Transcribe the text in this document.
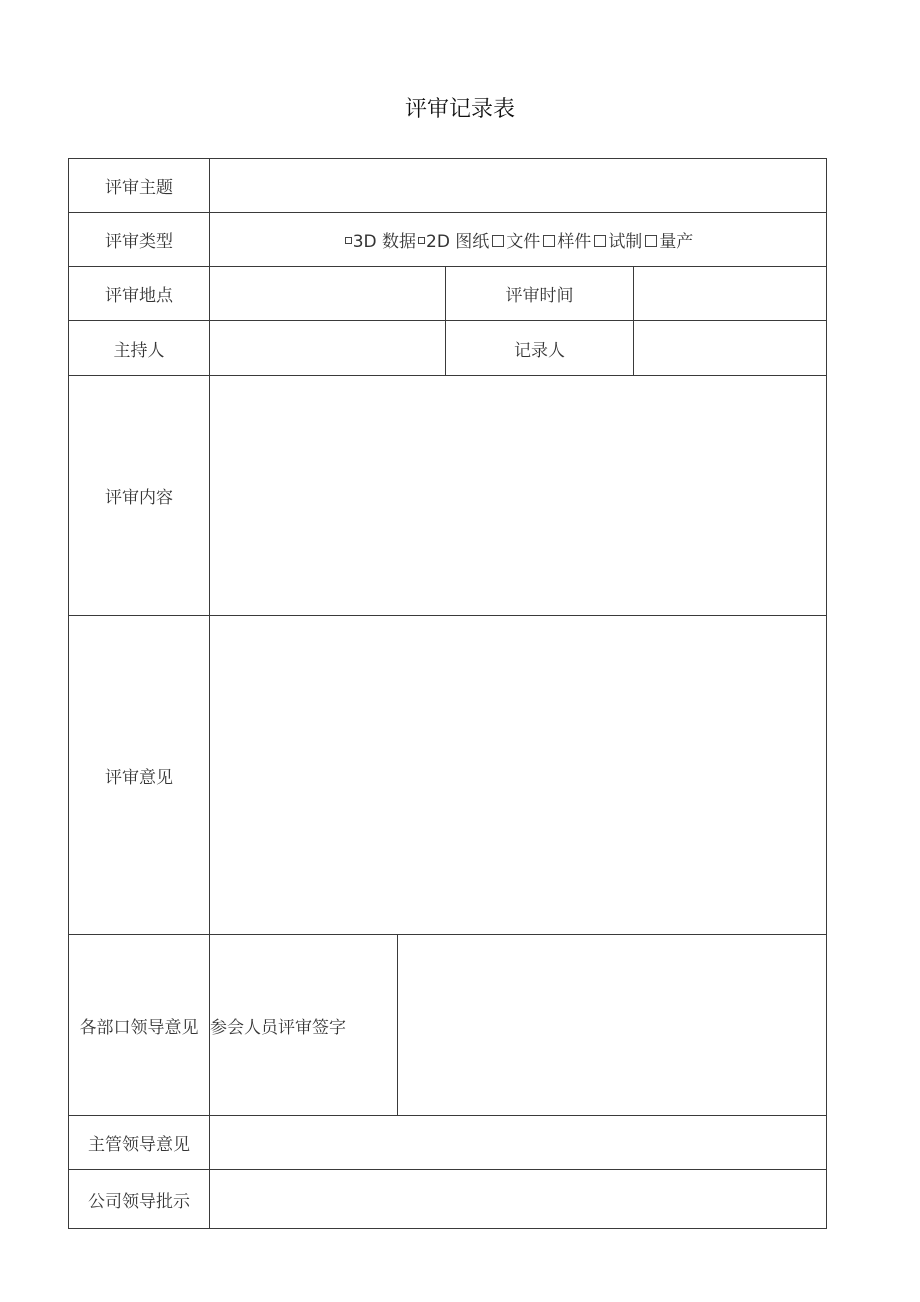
评审记录表
评审主题				
评审类型	3D 数据 2D 图纸 文件 样件 试制 量产			
评审地点			评审时间	
主持人			记录人	
评审内容				
评审意见				
各部口领导意见	参会人员评审签字			
主管领导意见				
公司领导批示				
